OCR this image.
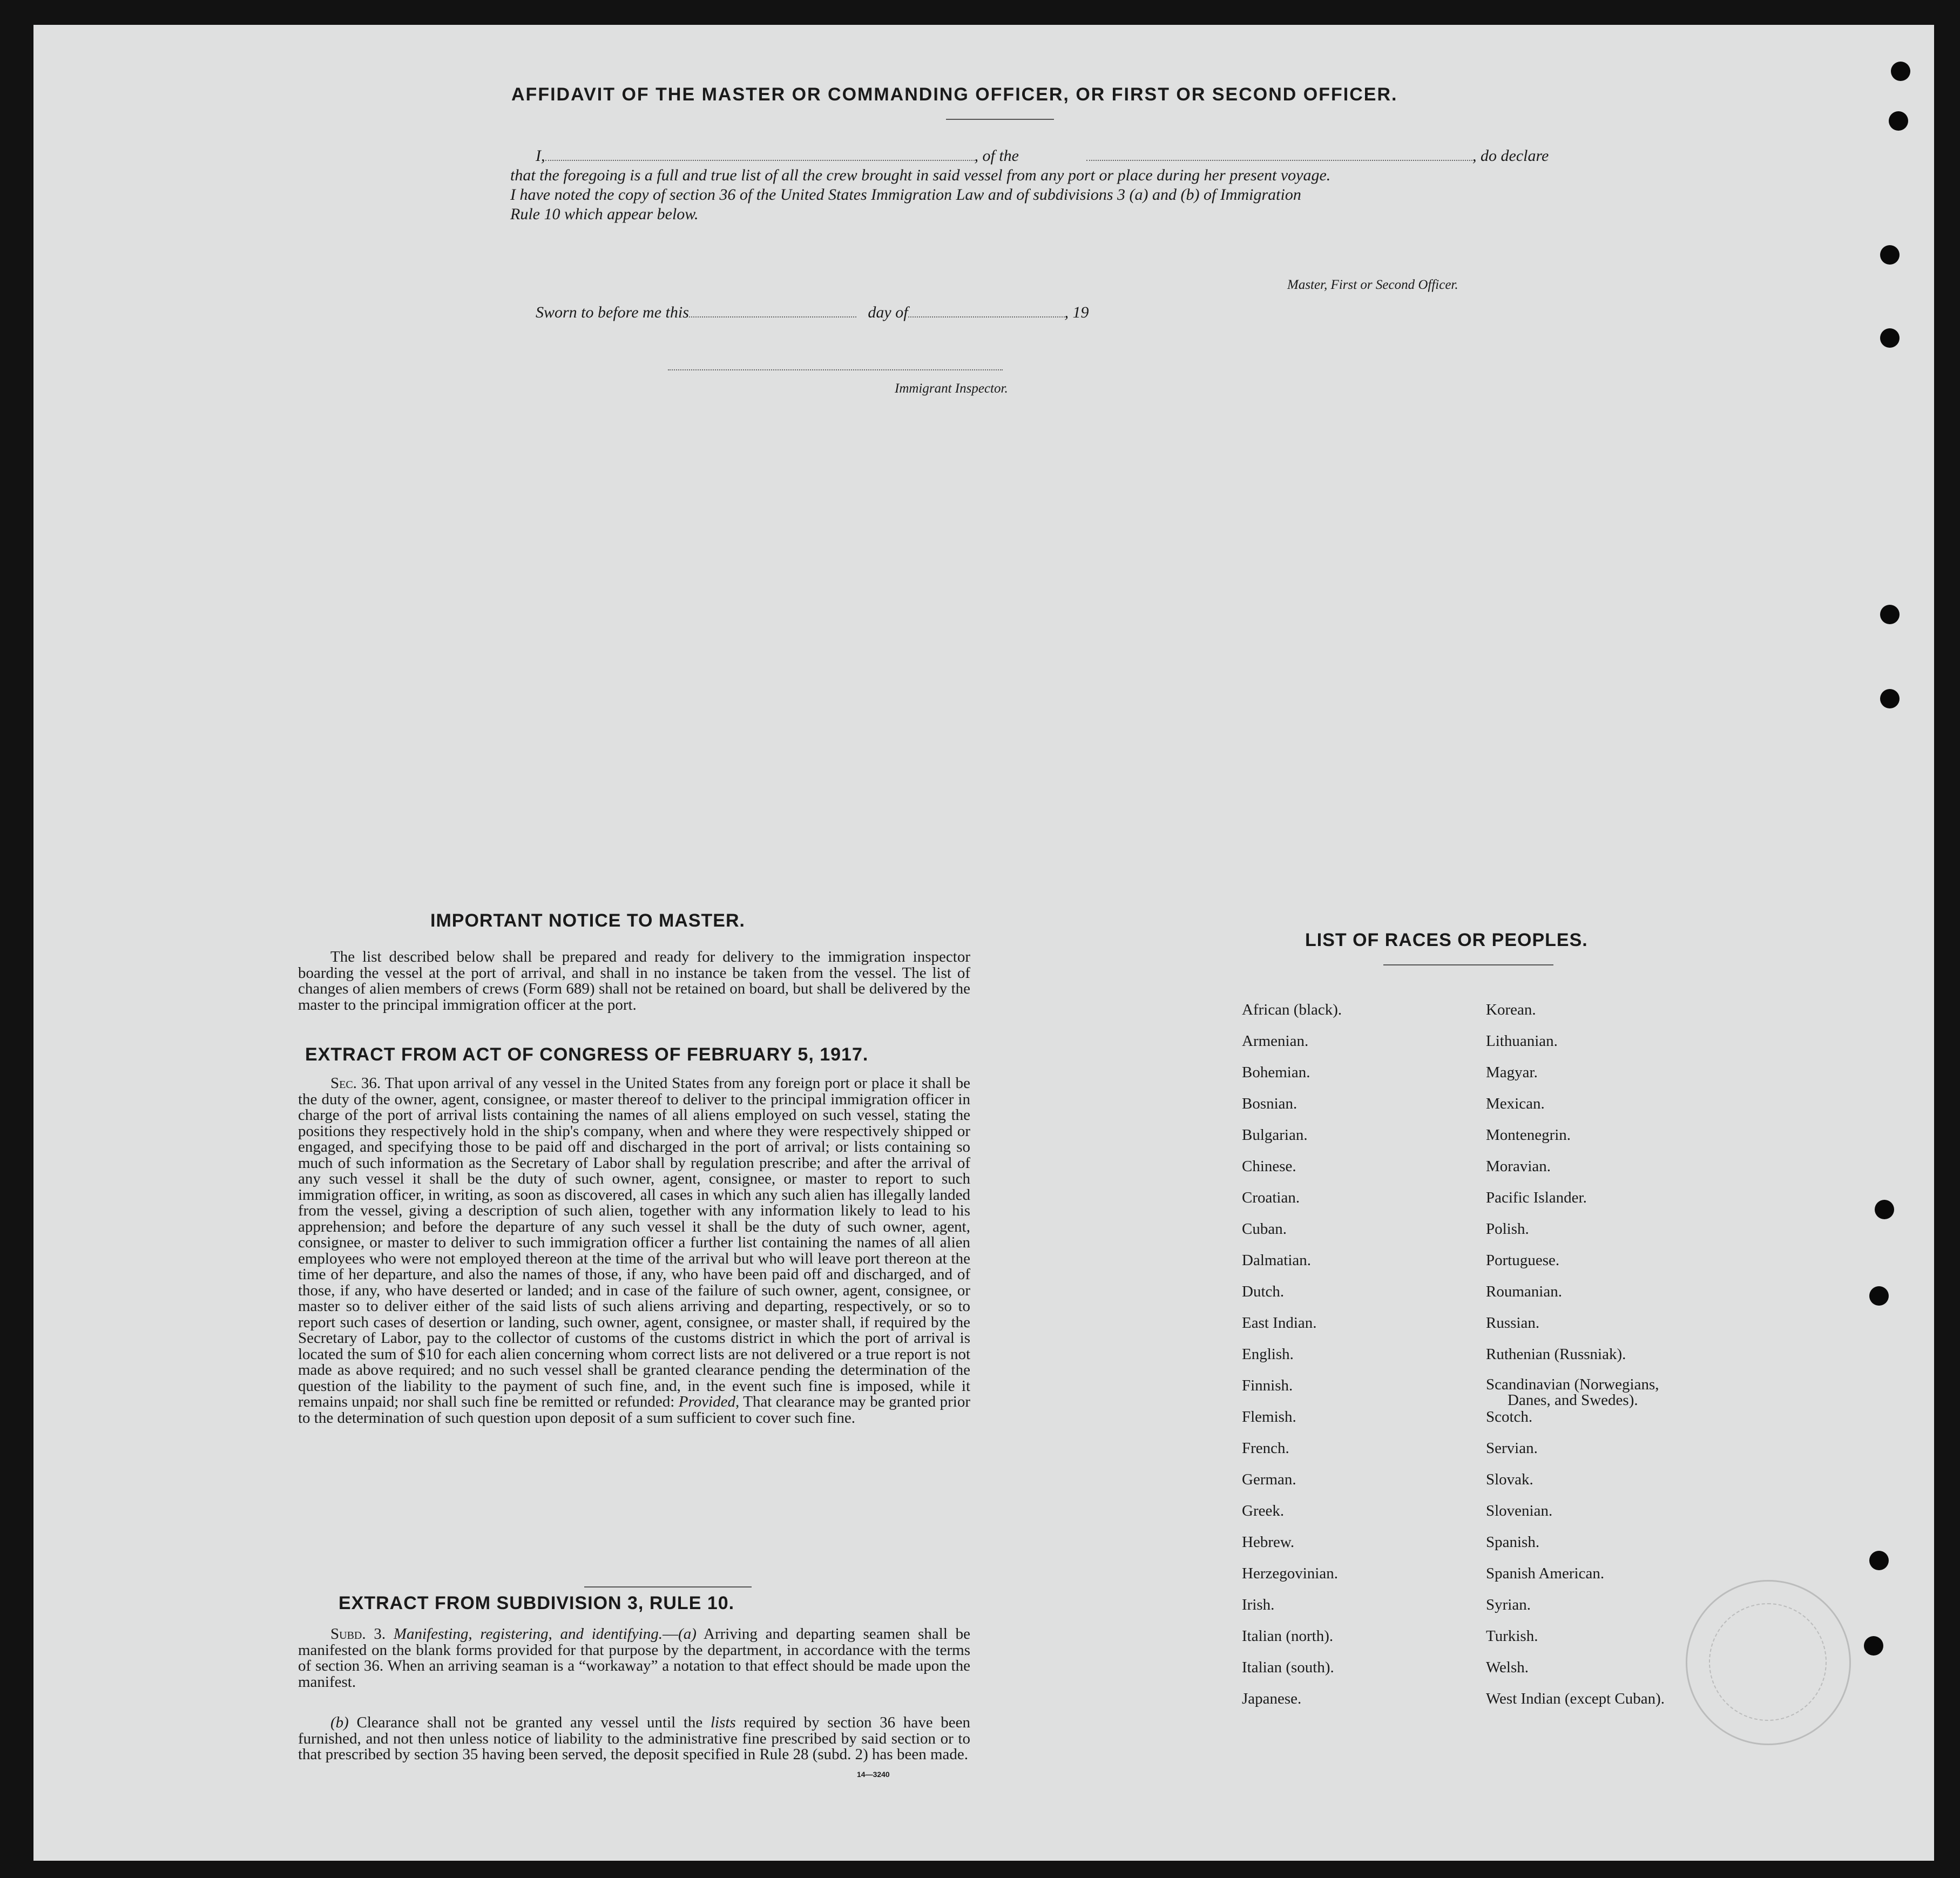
AFFIDAVIT OF THE MASTER OR COMMANDING OFFICER, OR FIRST OR SECOND OFFICER.
I,	, of the	, do declare
that the foregoing is a full and true list of all the crew brought in said vessel from any port or place during her present voyage.
I have noted the copy of section 36 of the United States Immigration Law and of subdivisions 3 (a) and (b) of Immigration
Rule 10 which appear below.
Master, First or Second Officer.
Sworn to before me this	day of	, 19
Immigrant Inspector.
IMPORTANT NOTICE TO MASTER.

The list described below shall be prepared and ready for delivery to the immigration inspector boarding the vessel at the port of arrival, and shall in no instance be taken from the vessel. The list of changes of alien members of crews (Form 689) shall not be retained on board, but shall be delivered by the master to the principal immigration officer at the port.

EXTRACT FROM ACT OF CONGRESS OF FEBRUARY 5, 1917.

Sec. 36. That upon arrival of any vessel in the United States from any foreign port or place it shall be the duty of the owner, agent, consignee, or master thereof to deliver to the principal immigration officer in charge of the port of arrival lists containing the names of all aliens employed on such vessel, stating the positions they respectively hold in the ship's company, when and where they were respectively shipped or engaged, and specifying those to be paid off and discharged in the port of arrival; or lists containing so much of such information as the Secretary of Labor shall by regulation prescribe; and after the arrival of any such vessel it shall be the duty of such owner, agent, consignee, or master to report to such immigration officer, in writing, as soon as discovered, all cases in which any such alien has illegally landed from the vessel, giving a description of such alien, together with any information likely to lead to his apprehension; and before the departure of any such vessel it shall be the duty of such owner, agent, consignee, or master to deliver to such immigration officer a further list containing the names of all alien employees who were not employed thereon at the time of the arrival but who will leave port thereon at the time of her departure, and also the names of those, if any, who have been paid off and discharged, and of those, if any, who have deserted or landed; and in case of the failure of such owner, agent, consignee, or master so to deliver either of the said lists of such aliens arriving and departing, respectively, or so to report such cases of desertion or landing, such owner, agent, consignee, or master shall, if required by the Secretary of Labor, pay to the collector of customs of the customs district in which the port of arrival is located the sum of $10 for each alien concerning whom correct lists are not delivered or a true report is not made as above required; and no such vessel shall be granted clearance pending the determination of the question of the liability to the payment of such fine, and, in the event such fine is imposed, while it remains unpaid; nor shall such fine be remitted or refunded: Provided, That clearance may be granted prior to the determination of such question upon deposit of a sum sufficient to cover such fine.

EXTRACT FROM SUBDIVISION 3, RULE 10.

Subd. 3. Manifesting, registering, and identifying.—(a) Arriving and departing seamen shall be manifested on the blank forms provided for that purpose by the department, in accordance with the terms of section 36. When an arriving seaman is a “workaway” a notation to that effect should be made upon the manifest.

(b) Clearance shall not be granted any vessel until the lists required by section 36 have been furnished, and not then unless notice of liability to the administrative fine prescribed by said section or to that prescribed by section 35 having been served, the deposit specified in Rule 28 (subd. 2) has been made.

14—3240
LIST OF RACES OR PEOPLES.
African (black).
Armenian.
Bohemian.
Bosnian.
Bulgarian.
Chinese.
Croatian.
Cuban.
Dalmatian.
Dutch.
East Indian.
English.
Finnish.
Flemish.
French.
German.
Greek.
Hebrew.
Herzegovinian.
Irish.
Italian (north).
Italian (south).
Japanese.
Korean.
Lithuanian.
Magyar.
Mexican.
Montenegrin.
Moravian.
Pacific Islander.
Polish.
Portuguese.
Roumanian.
Russian.
Ruthenian (Russniak).
Scandinavian (Norwegians,
Danes, and Swedes).
Scotch.
Servian.
Slovak.
Slovenian.
Spanish.
Spanish American.
Syrian.
Turkish.
Welsh.
West Indian (except Cuban).
